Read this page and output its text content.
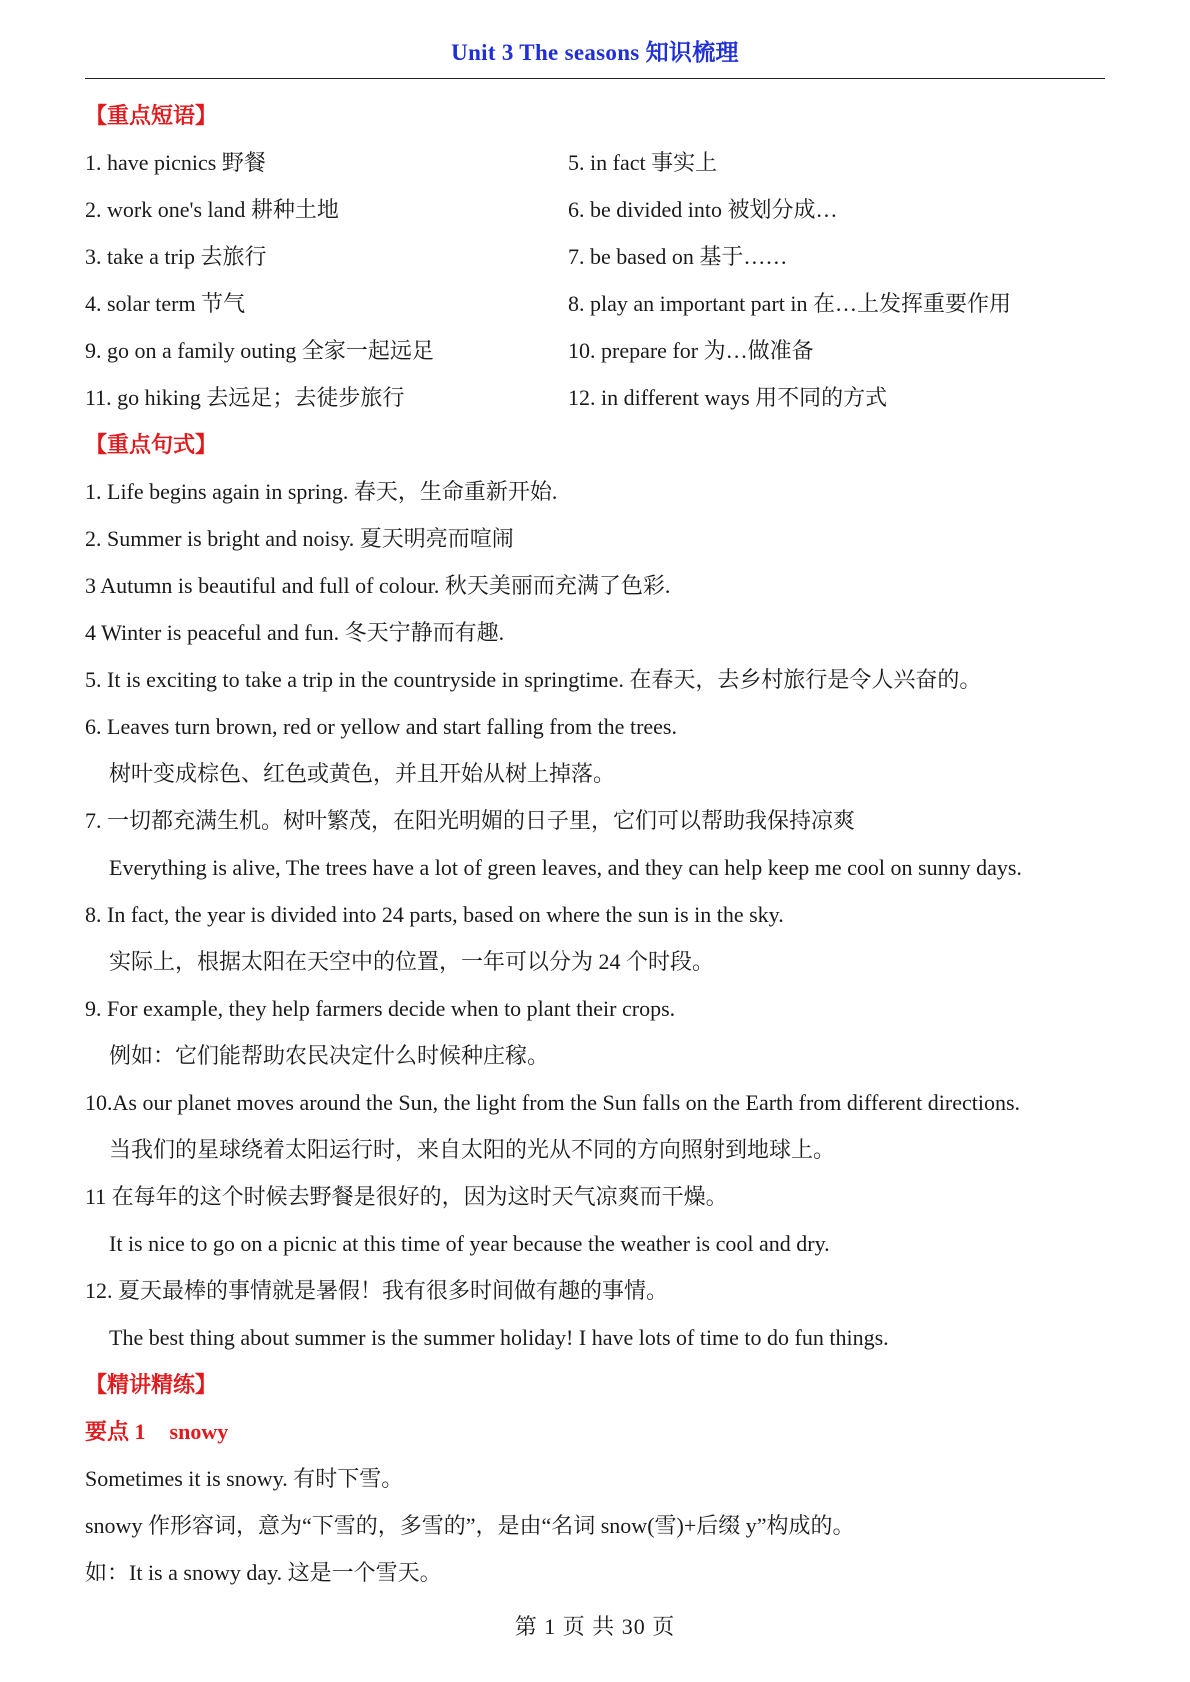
Unit 3 The seasons 知识梳理
【重点短语】
1. have picnics 野餐	5. in fact 事实上
2. work one's land 耕种土地	6. be divided into 被划分成…
3. take a trip 去旅行	7. be based on 基于……
4. solar term 节气	8. play an important part in 在…上发挥重要作用
9. go on a family outing 全家一起远足	10. prepare for 为…做准备
11. go hiking 去远足；去徒步旅行	12. in different ways 用不同的方式
【重点句式】
1. Life begins again in spring. 春天，生命重新开始.
2. Summer is bright and noisy. 夏天明亮而喧闹
3 Autumn is beautiful and full of colour. 秋天美丽而充满了色彩.
4 Winter is peaceful and fun. 冬天宁静而有趣.
5. It is exciting to take a trip in the countryside in springtime. 在春天，去乡村旅行是令人兴奋的。
6. Leaves turn brown, red or yellow and start falling from the trees.
树叶变成棕色、红色或黄色，并且开始从树上掉落。
7. 一切都充满生机。树叶繁茂，在阳光明媚的日子里，它们可以帮助我保持凉爽
Everything is alive, The trees have a lot of green leaves, and they can help keep me cool on sunny days.
8. In fact, the year is divided into 24 parts, based on where the sun is in the sky.
实际上，根据太阳在天空中的位置，一年可以分为 24 个时段。
9. For example, they help farmers decide when to plant their crops.
例如：它们能帮助农民决定什么时候种庄稼。
10.As our planet moves around the Sun, the light from the Sun falls on the Earth from different directions.
当我们的星球绕着太阳运行时，来自太阳的光从不同的方向照射到地球上。
11 在每年的这个时候去野餐是很好的，因为这时天气凉爽而干燥。
It is nice to go on a picnic at this time of year because the weather is cool and dry.
12. 夏天最棒的事情就是暑假！我有很多时间做有趣的事情。
The best thing about summer is the summer holiday! I have lots of time to do fun things.
【精讲精练】
要点 1 snowy
Sometimes it is snowy. 有时下雪。
snowy 作形容词，意为“下雪的，多雪的”，是由“名词 snow(雪)+后缀 y”构成的。
如：It is a snowy day. 这是一个雪天。
第 1 页 共 30 页
